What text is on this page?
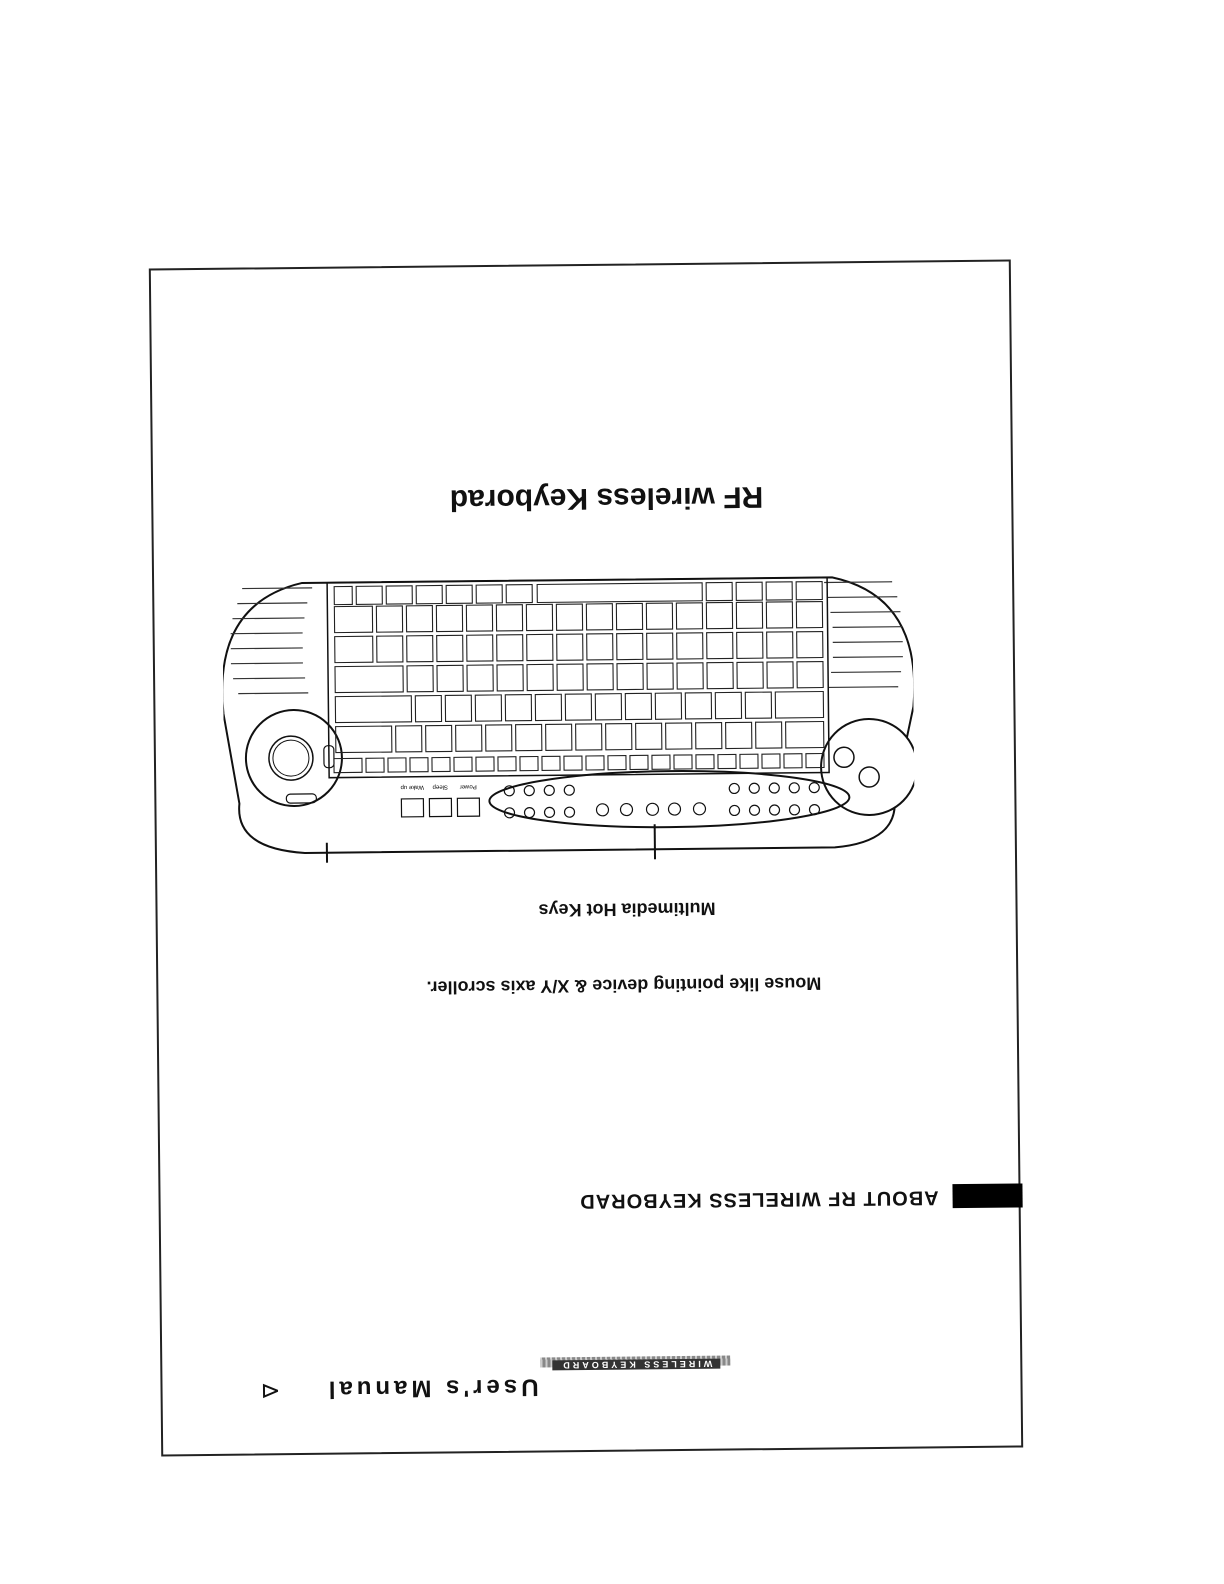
⊲
WIRELESS KEYBOARD
User's Manual
ABOUT RF WIRELESS KEYBORAD
Mouse like pointing device & X/Y axis scroller.
Multimedia Hot Keys
Power
Sleep
Wake up
RF wireless Keyborad
